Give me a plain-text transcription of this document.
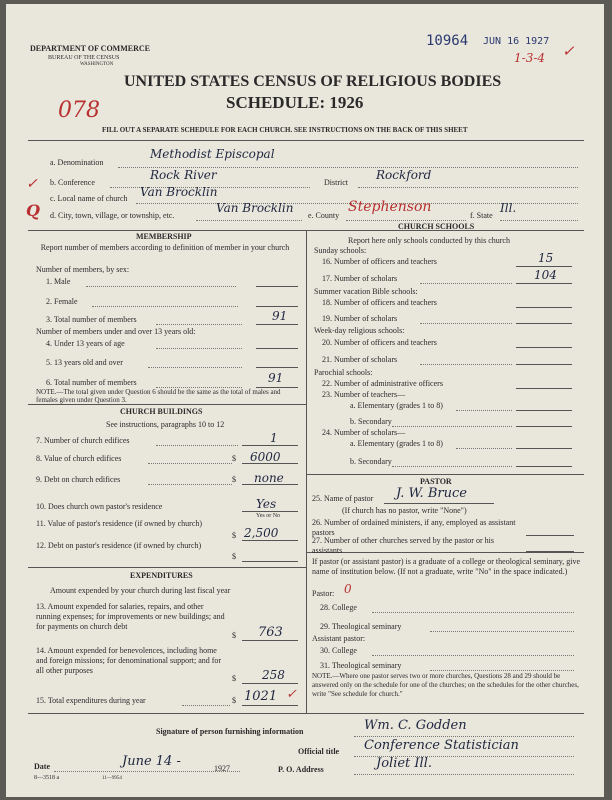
DEPARTMENT OF COMMERCE
BUREAU OF THE CENSUS
WASHINGTON
10964 JUN 16 1927
✓
1-3-4
UNITED STATES CENSUS OF RELIGIOUS BODIES
SCHEDULE: 1926
078
FILL OUT A SEPARATE SCHEDULE FOR EACH CHURCH. SEE INSTRUCTIONS ON THE BACK OF THIS SHEET
a. Denomination
Methodist Episcopal
b. Conference
Rock River
District
Rockford
✓
c. Local name of church Van Brocklin
Q d. City, town, village, or township, etc.
Van Brocklin
e. County
Stephenson
f. State
Ill.
MEMBERSHIP
Report number of members according to definition of member in your church
Number of members, by sex:
1. Male
2. Female
3. Total number of members	91
Number of members under and over 13 years old:
4. Under 13 years of age
5. 13 years old and over
6. Total number of members	91
NOTE.—The total given under Question 6 should be the same as the total of males and females given under Question 3.
CHURCH BUILDINGS
See instructions, paragraphs 10 to 12
7. Number of church edifices	1
8. Value of church edifices	$ 6000
9. Debt on church edifices	$ none
10. Does church own pastor's residence	Yes
Yes or No
11. Value of pastor's residence (if owned by church)
$ 2,500
12. Debt on pastor's residence (if owned by church)
$
EXPENDITURES
Amount expended by your church during last fiscal year
13. Amount expended for salaries, repairs, and other running expenses; for improvements or new buildings; and for payments on church debt
$ 763
14. Amount expended for benevolences, including home and foreign missions; for denominational support; and for all other purposes
$ 258
15. Total expenditures during year	$ 1021 ✓
CHURCH SCHOOLS
Report here only schools conducted by this church
Sunday schools:
16. Number of officers and teachers	15
17. Number of scholars	104
Summer vacation Bible schools:
18. Number of officers and teachers
19. Number of scholars
Week-day religious schools:
20. Number of officers and teachers
21. Number of scholars
Parochial schools:
22. Number of administrative officers
23. Number of teachers—
a. Elementary (grades 1 to 8)
b. Secondary
24. Number of scholars—
a. Elementary (grades 1 to 8)
b. Secondary
PASTOR
25. Name of pastor J. W. Bruce
(If church has no pastor, write "None")
26. Number of ordained ministers, if any, employed as assistant pastors
27. Number of other churches served by the pastor or his assistants
If pastor (or assistant pastor) is a graduate of a college or theological seminary, give name of institution below. (If not a graduate, write "No" in the space indicated.)
Pastor: 0
28. College
29. Theological seminary
Assistant pastor:
30. College
31. Theological seminary
NOTE.—Where one pastor serves two or more churches, Questions 28 and 29 should be answered only on the schedule for one of the churches; on the schedules for the other churches, write "See schedule for church."
Signature of person furnishing information	Wm. C. Godden
Official title Conference Statistician
Date	June 14 -	1927	P. O. Address	Joliet Ill.
8—3518 a	11—9954
